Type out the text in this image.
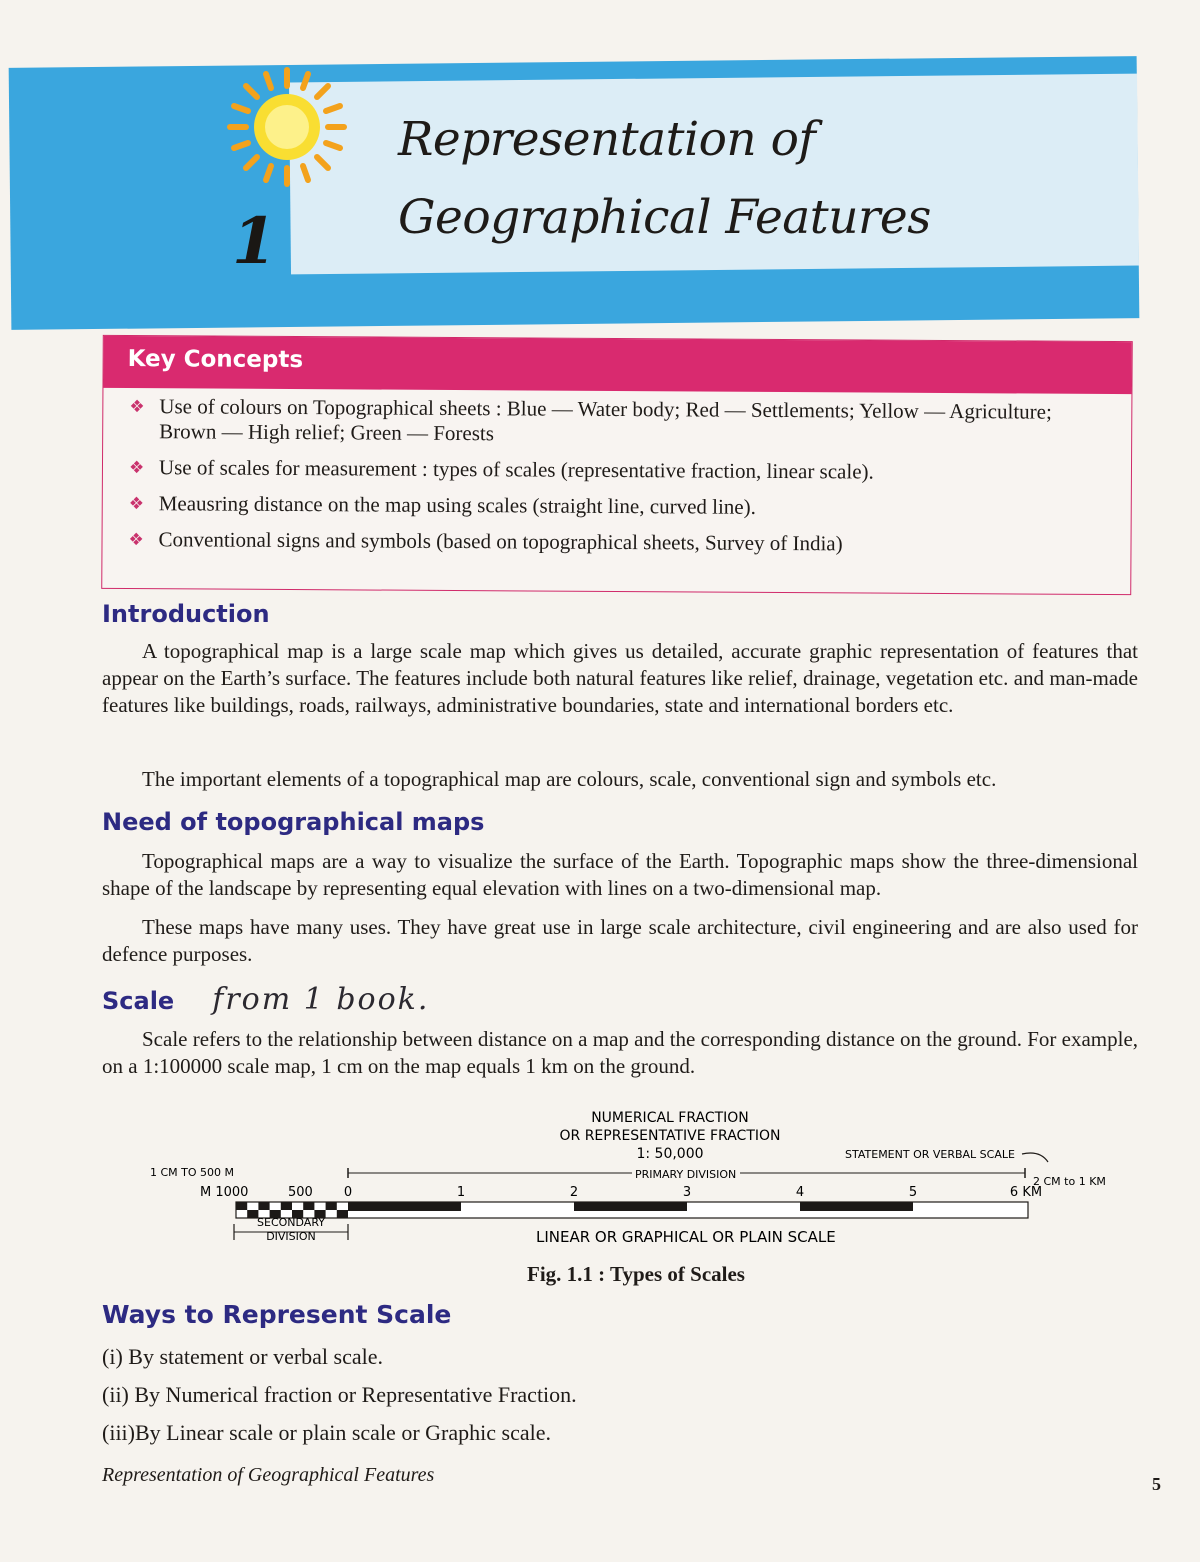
1
Representation of
Geographical Features
Key Concepts
❖ Use of colours on Topographical sheets : Blue — Water body; Red — Settlements; Yellow — Agriculture; Brown — High relief; Green — Forests
❖ Use of scales for measurement : types of scales (representative fraction, linear scale).
❖ Meausring distance on the map using scales (straight line, curved line).
❖ Conventional signs and symbols (based on topographical sheets, Survey of India)
Introduction

A topographical map is a large scale map which gives us detailed, accurate graphic representation of features that appear on the Earth’s surface. The features include both natural features like relief, drainage, vegetation etc. and man-made features like buildings, roads, railways, administrative boundaries, state and international borders etc.

The important elements of a topographical map are colours, scale, conventional sign and symbols etc.

Need of topographical maps

Topographical maps are a way to visualize the surface of the Earth. Topographic maps show the three-dimensional shape of the landscape by representing equal elevation with lines on a two-dimensional map.

These maps have many uses. They have great use in large scale architecture, civil engineering and are also used for defence purposes.

Scale from 1 book.

Scale refers to the relationship between distance on a map and the corresponding distance on the ground. For example, on a 1:100000 scale map, 1 cm on the map equals 1 km on the ground.

NUMERICAL FRACTION
OR REPRESENTATIVE FRACTION
1: 50,000	STATEMENT OR VERBAL SCALE
1 CM TO 500 M	PRIMARY DIVISION
2 CM to 1 KM
M 1000	500 0	1	2	3	4	5	6 KM
SECONDARY
DIVISION	LINEAR OR GRAPHICAL OR PLAIN SCALE
Fig. 1.1 : Types of Scales
Ways to Represent Scale
(i) By statement or verbal scale.
(ii) By Numerical fraction or Representative Fraction.
(iii)By Linear scale or plain scale or Graphic scale.
Representation of Geographical Features	5
